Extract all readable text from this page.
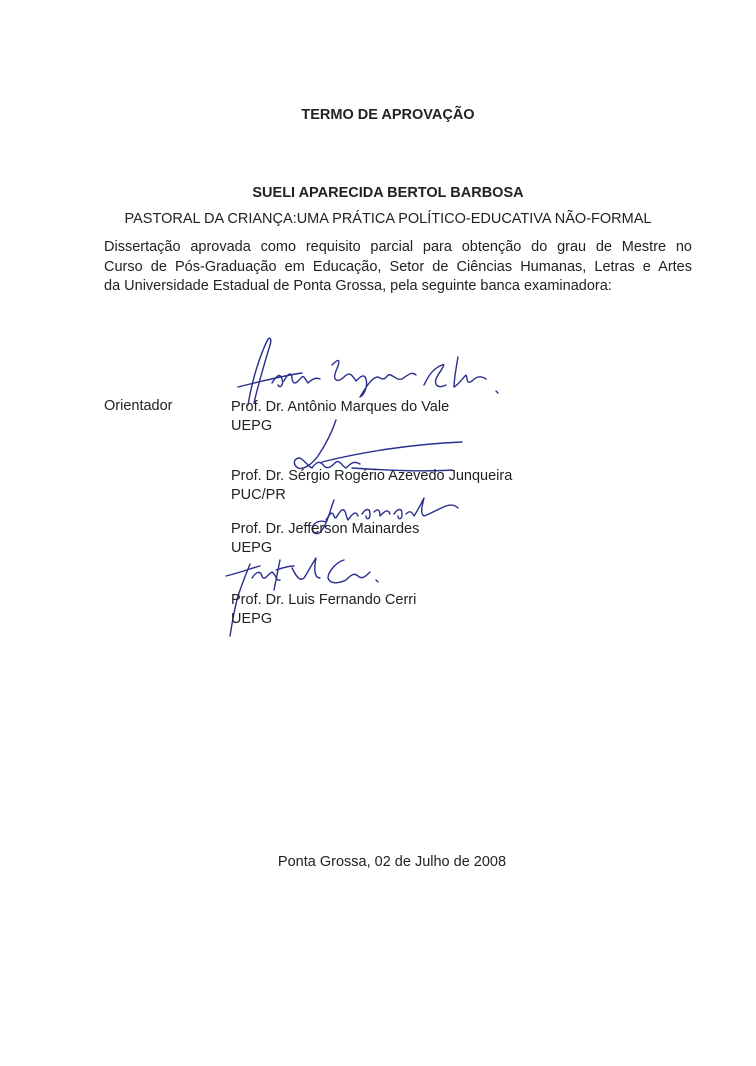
TERMO DE APROVAÇÃO

SUELI APARECIDA BERTOL BARBOSA

PASTORAL DA CRIANÇA:UMA PRÁTICA POLÍTICO-EDUCATIVA NÃO-FORMAL

Dissertação aprovada como requisito parcial para obtenção do grau de Mestre no
Curso de Pós-Graduação em Educação, Setor de Ciências Humanas, Letras e Artes
da Universidade Estadual de Ponta Grossa, pela seguinte banca examinadora:

Orientador	Prof. Dr. Antônio Marques do Vale
UEPG
Prof. Dr. Sérgio Rogério Azevedo Junqueira
PUC/PR
Prof. Dr. Jefferson Mainardes
UEPG
Prof. Dr. Luis Fernando Cerri
UEPG

Ponta Grossa, 02 de Julho de 2008
